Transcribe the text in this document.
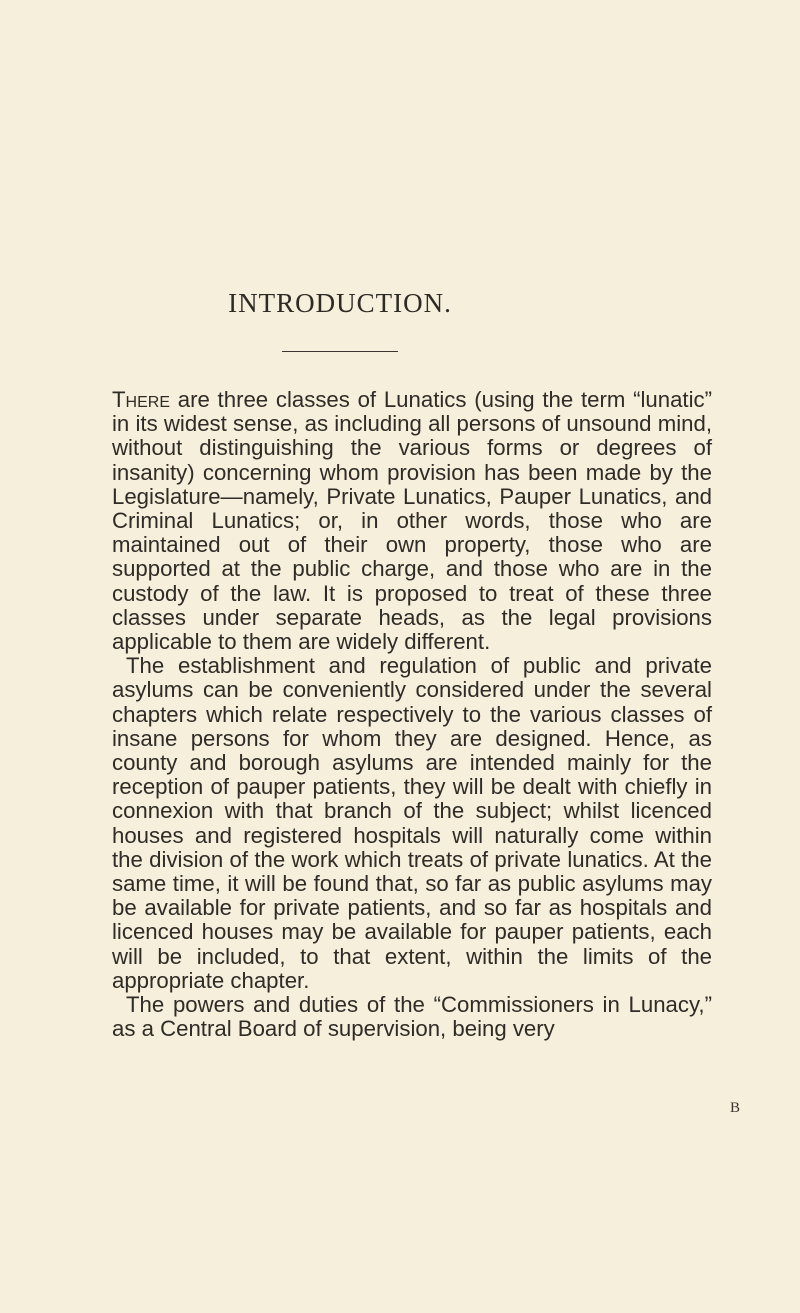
INTRODUCTION.

There are three classes of Lunatics (using the term “lunatic” in its widest sense, as including all persons of unsound mind, without distinguishing the various forms or degrees of insanity) concerning whom provision has been made by the Legislature—namely, Private Lunatics, Pauper Lunatics, and Criminal Lunatics; or, in other words, those who are maintained out of their own property, those who are supported at the public charge, and those who are in the custody of the law. It is proposed to treat of these three classes under separate heads, as the legal provisions applicable to them are widely different.

The establishment and regulation of public and private asylums can be conveniently considered under the several chapters which relate respectively to the various classes of insane persons for whom they are designed. Hence, as county and borough asylums are intended mainly for the reception of pauper patients, they will be dealt with chiefly in connexion with that branch of the subject; whilst licenced houses and registered hospitals will naturally come within the division of the work which treats of private lunatics. At the same time, it will be found that, so far as public asylums may be available for private patients, and so far as hospitals and licenced houses may be available for pauper patients, each will be included, to that extent, within the limits of the appropriate chapter.

The powers and duties of the “Commissioners in Lunacy,” as a Central Board of supervision, being very

B
